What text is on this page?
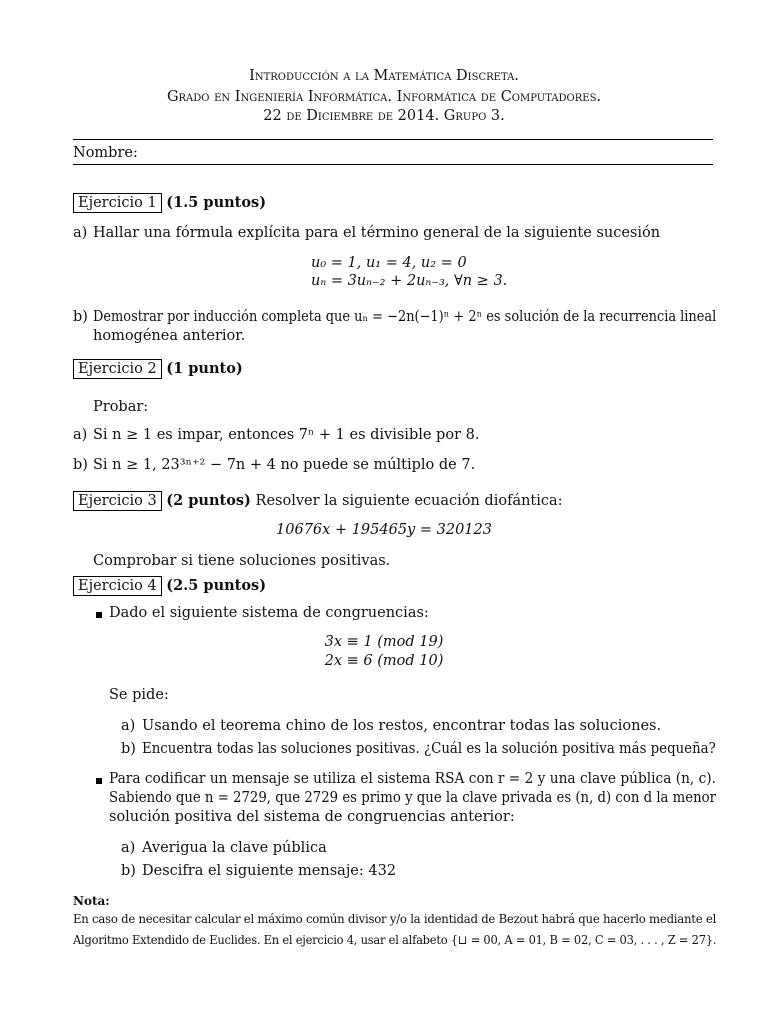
Introducción a la Matemática Discreta.
Grado en Ingeniería Informática. Informática de Computadores.
22 de Diciembre de 2014. Grupo 3.
Nombre:
Ejercicio 1 (1.5 puntos)
a) Hallar una fórmula explícita para el término general de la siguiente sucesión
u₀ = 1, u₁ = 4, u₂ = 0
uₙ = 3uₙ₋₂ + 2uₙ₋₃, ∀n ≥ 3.
b) Demostrar por inducción completa que uₙ = −2n(−1)ⁿ + 2ⁿ es solución de la recurrencia lineal
homogénea anterior.
Ejercicio 2 (1 punto)
Probar:
a) Si n ≥ 1 es impar, entonces 7ⁿ + 1 es divisible por 8.
b) Si n ≥ 1, 23³ⁿ⁺² − 7n + 4 no puede se múltiplo de 7.
Ejercicio 3 (2 puntos) Resolver la siguiente ecuación diofántica:
10676x + 195465y = 320123
Comprobar si tiene soluciones positivas.
Ejercicio 4 (2.5 puntos)
Dado el siguiente sistema de congruencias:
3x ≡ 1 (mod 19)
2x ≡ 6 (mod 10)
Se pide:
a) Usando el teorema chino de los restos, encontrar todas las soluciones.
b) Encuentra todas las soluciones positivas. ¿Cuál es la solución positiva más pequeña?
Para codificar un mensaje se utiliza el sistema RSA con r = 2 y una clave pública (n, c).
Sabiendo que n = 2729, que 2729 es primo y que la clave privada es (n, d) con d la menor
solución positiva del sistema de congruencias anterior:
a) Averigua la clave pública
b) Descifra el siguiente mensaje: 432
Nota:
En caso de necesitar calcular el máximo común divisor y/o la identidad de Bezout habrá que hacerlo mediante el
Algoritmo Extendido de Euclides. En el ejercicio 4, usar el alfabeto {⊔ = 00, A = 01, B = 02, C = 03, . . . , Z = 27}.
